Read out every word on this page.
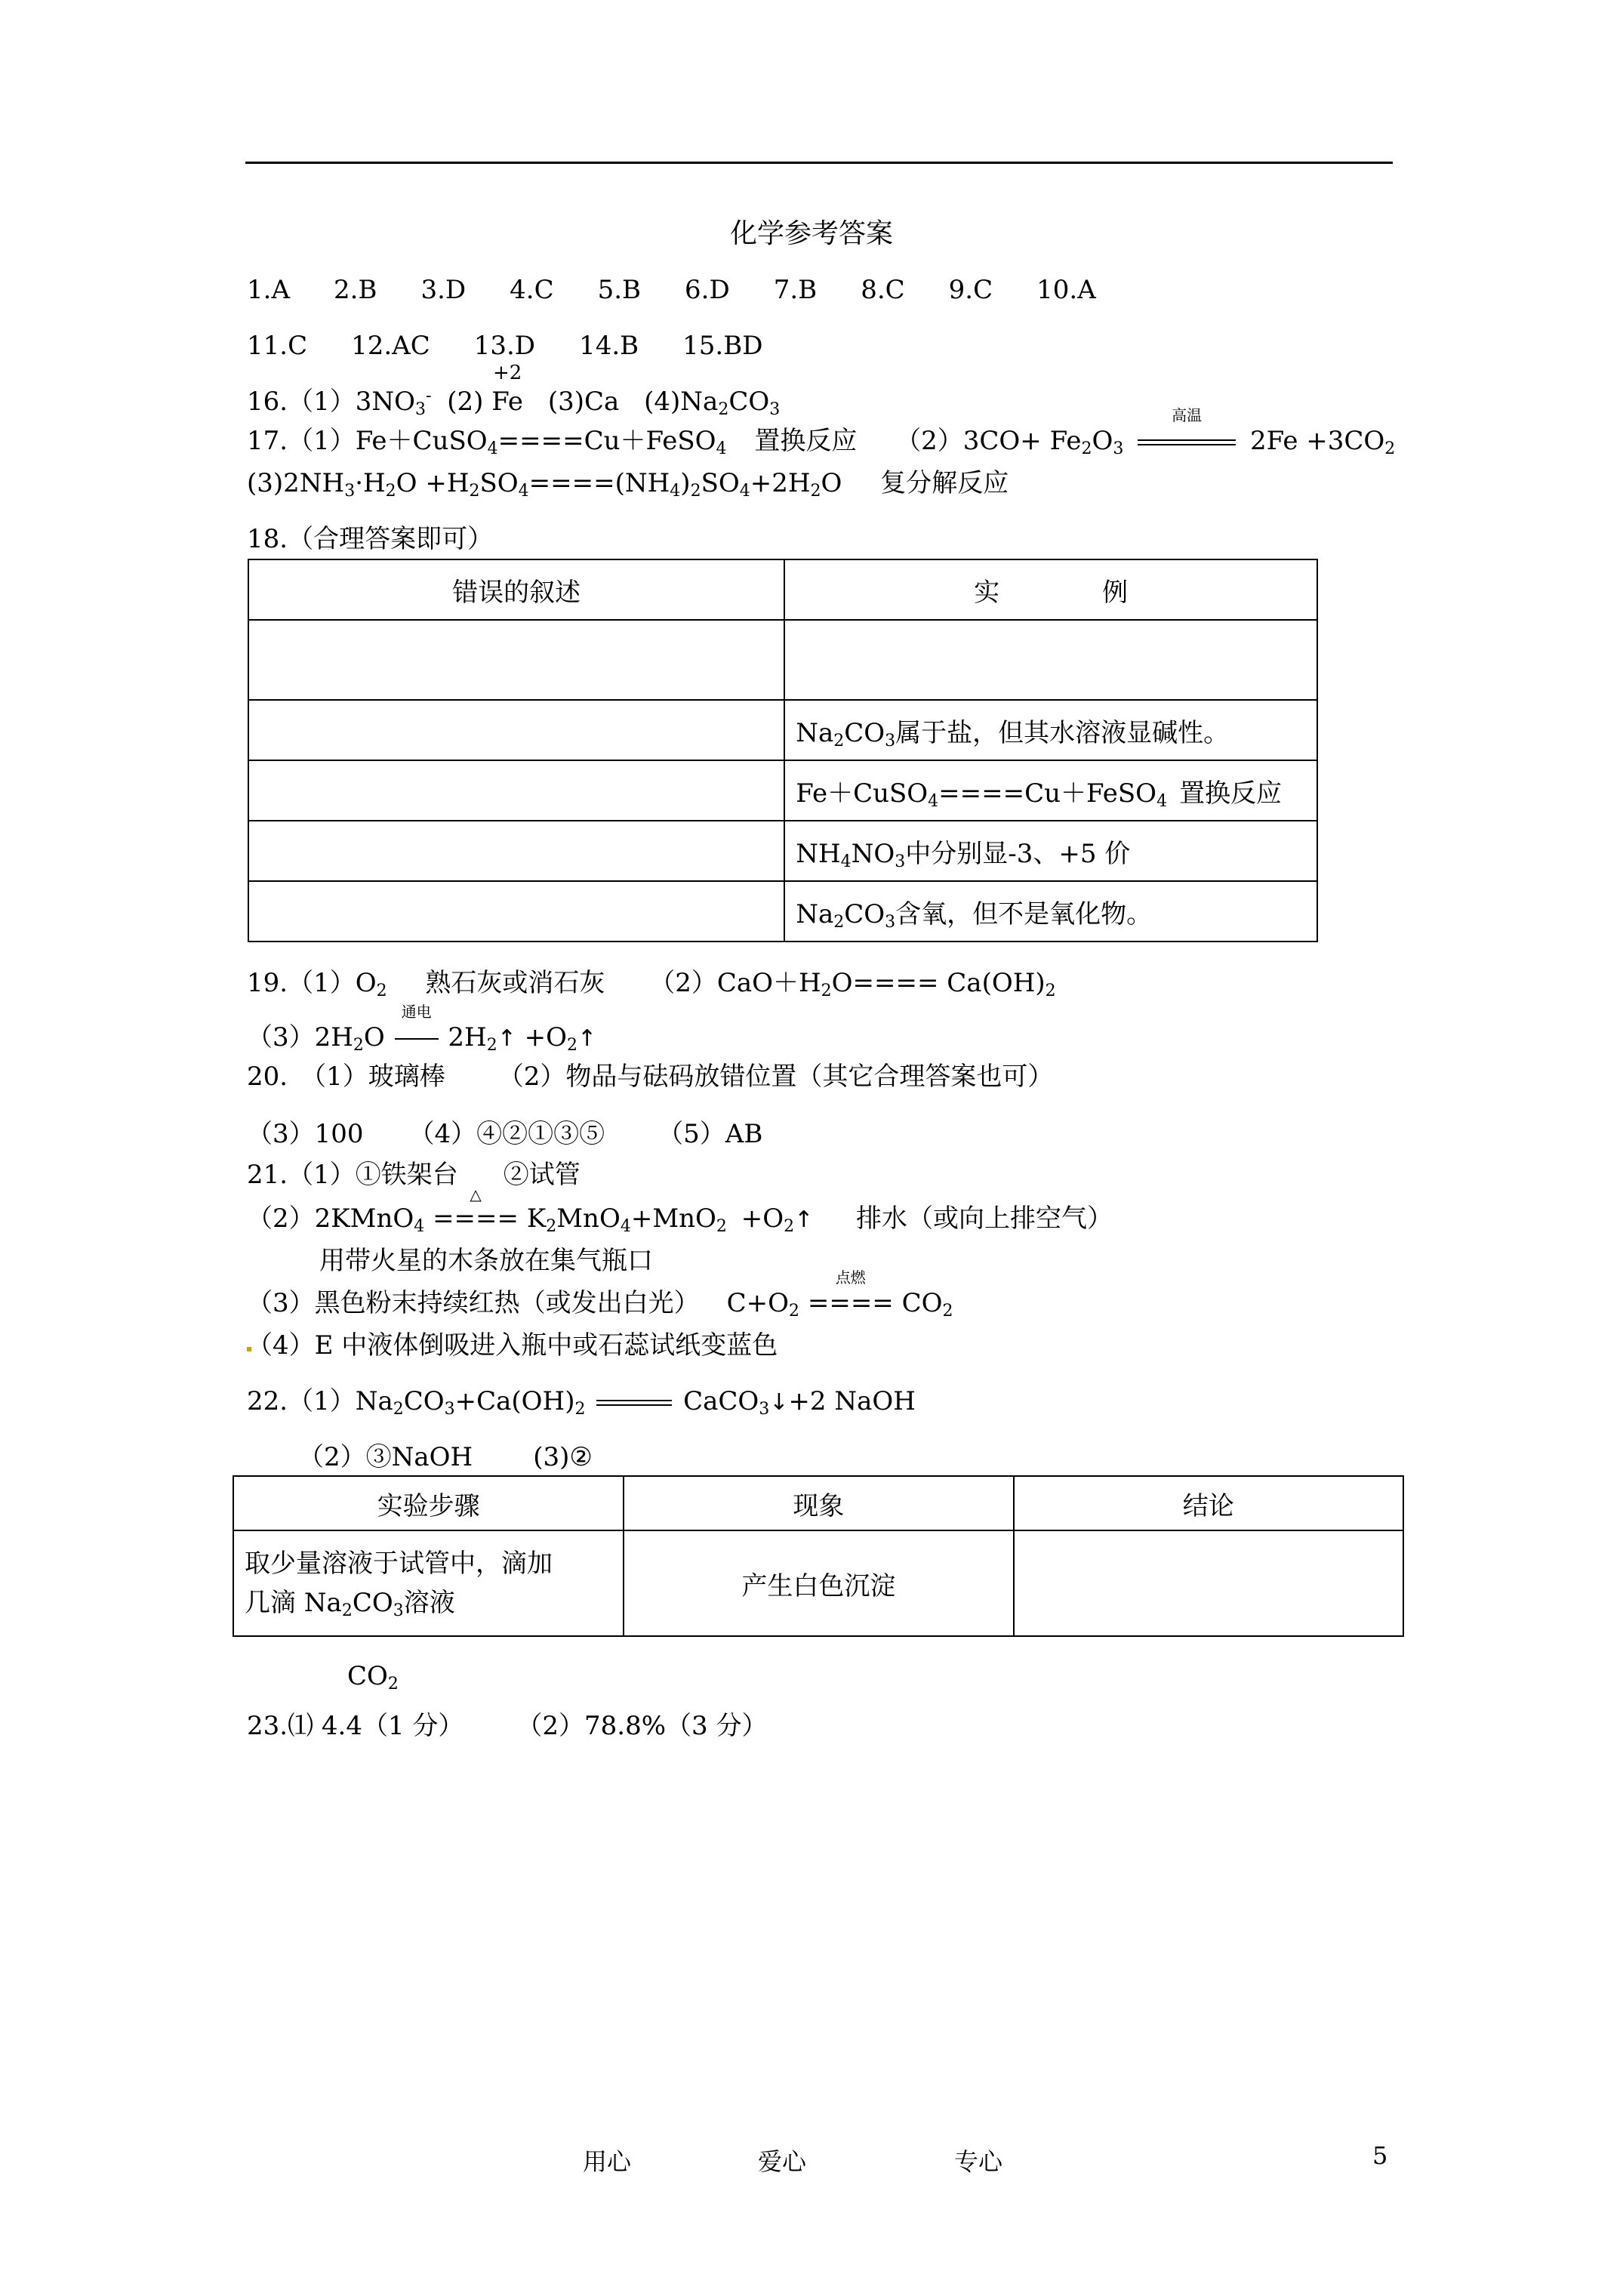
化学参考答案
1.A 2.B 3.D 4.C 5.B 6.D 7.B 8.C 9.C 10.A
11.C 12.AC 13.D 14.B 15.BD
$16.(1)3NO_3^-$ (2)
+2
Fe (3)Ca $(4)Na_2CO_3$
17.（1）Fe＋CuSO$_4$====Cu＋FeSO$_4$ 置换反应 $(2)3CO+ Fe_2O_3$
高温
$2Fe +3CO_2$
$(3)2NH_3\cdot H_2O +H_2SO_4====(NH_4)_2SO_4+2H_2O$ 复分解反应
18.（合理答案即可）
错误的叙述	实　　　　例

	$Na_2CO_3$属于盐，但其水溶液显碱性。
	Fe＋CuSO$_4$====Cu＋FeSO$_4$ 置换反应
	$NH_4NO_3$中分别显-3、+5 价
	$Na_2CO_3$含氧，但不是氧化物。
$19.(1)O_2$ 熟石灰或消石灰 $(2)CaO+H_2O==== Ca(OH)_2$
$(3)2H_2O$
通电
$2H_2↑$ $+O_2↑$
20.　（1）玻璃棒 （2）物品与砝码放错位置（其它合理答案也可）
（3）100 （4）④②①③⑤ （5）AB
21.（1）①铁架台 ②试管
（2）2KMnO$_4$
△
==== $K_2MnO_4+MnO_2$ $+O_2↑$ 排水（或向上排空气）
用带火星的木条放在集气瓶口
（3）黑色粉末持续红热（或发出白光） $C+O_2$
点燃
==== $CO_2$
（4）E 中液体倒吸进入瓶中或石蕊试纸变蓝色
$22.(1)Na_2CO_3+Ca(OH)_2$	CaCO$_3$↓+2 NaOH
（2）③NaOH (3)②
实验步骤	现象	结论
取少量溶液于试管中，滴加
几滴 $Na_2CO_3$溶液	产生白色沉淀	
$CO_2$
23.⑴ 4.4（1 分） （2）78.8%（3 分）
用心	爱心	专心	5
